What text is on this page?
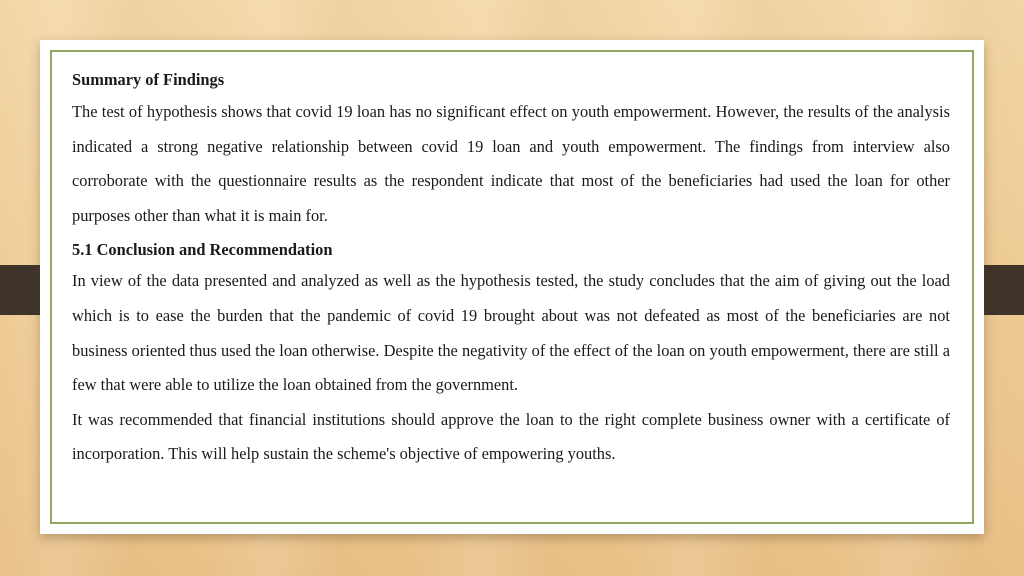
Summary of Findings

The test of hypothesis shows that covid 19 loan has no significant effect on youth empowerment. However, the results of the analysis indicated a strong negative relationship between covid 19 loan and youth empowerment. The findings from interview also corroborate with the questionnaire results as the respondent indicate that most of the beneficiaries had used the loan for other purposes other than what it is main for.

5.1 Conclusion and Recommendation

In view of the data presented and analyzed as well as the hypothesis tested, the study concludes that the aim of giving out the load which is to ease the burden that the pandemic of covid 19 brought about was not defeated as most of the beneficiaries are not business oriented thus used the loan otherwise. Despite the negativity of the effect of the loan on youth empowerment, there are still a few that were able to utilize the loan obtained from the government.

It was recommended that financial institutions should approve the loan to the right complete business owner with a certificate of incorporation. This will help sustain the scheme's objective of empowering youths.
